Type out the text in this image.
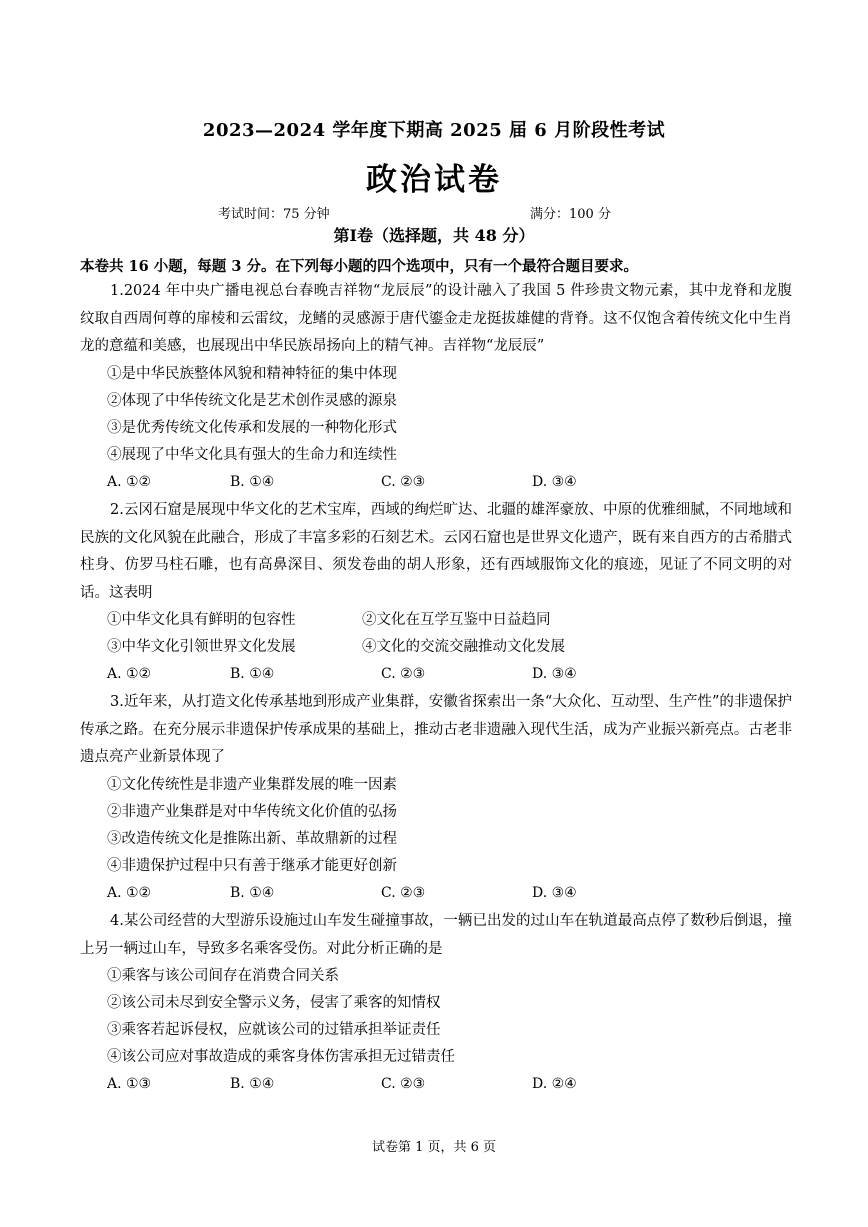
2023—2024 学年度下期高 2025 届 6 月阶段性考试
政治试卷
考试时间：75 分钟	满分：100 分
第Ⅰ卷（选择题，共 48 分）
本卷共 16 小题，每题 3 分。在下列每小题的四个选项中，只有一个最符合题目要求。
1.2024 年中央广播电视总台春晚吉祥物“龙辰辰”的设计融入了我国 5 件珍贵文物元素，其中龙脊和龙腹纹取自西周何尊的扉棱和云雷纹，龙鳍的灵感源于唐代鎏金走龙挺拔雄健的背脊。这不仅饱含着传统文化中生肖龙的意蕴和美感，也展现出中华民族昂扬向上的精气神。吉祥物“龙辰辰”
①是中华民族整体风貌和精神特征的集中体现
②体现了中华传统文化是艺术创作灵感的源泉
③是优秀传统文化传承和发展的一种物化形式
④展现了中华文化具有强大的生命力和连续性
A. ①②	B. ①④	C. ②③	D. ③④
2.云冈石窟是展现中华文化的艺术宝库，西域的绚烂旷达、北疆的雄浑豪放、中原的优雅细腻，不同地域和民族的文化风貌在此融合，形成了丰富多彩的石刻艺术。云冈石窟也是世界文化遗产，既有来自西方的古希腊式柱身、仿罗马柱石雕，也有高鼻深目、须发卷曲的胡人形象，还有西域服饰文化的痕迹，见证了不同文明的对话。这表明
①中华文化具有鲜明的包容性	②文化在互学互鉴中日益趋同
③中华文化引领世界文化发展	④文化的交流交融推动文化发展
A. ①②	B. ①④	C. ②③	D. ③④
3.近年来，从打造文化传承基地到形成产业集群，安徽省探索出一条“大众化、互动型、生产性”的非遗保护传承之路。在充分展示非遗保护传承成果的基础上，推动古老非遗融入现代生活，成为产业振兴新亮点。古老非遗点亮产业新景体现了
①文化传统性是非遗产业集群发展的唯一因素
②非遗产业集群是对中华传统文化价值的弘扬
③改造传统文化是推陈出新、革故鼎新的过程
④非遗保护过程中只有善于继承才能更好创新
A. ①②	B. ①④	C. ②③	D. ③④
4.某公司经营的大型游乐设施过山车发生碰撞事故，一辆已出发的过山车在轨道最高点停了数秒后倒退，撞上另一辆过山车，导致多名乘客受伤。对此分析正确的是
①乘客与该公司间存在消费合同关系
②该公司未尽到安全警示义务，侵害了乘客的知情权
③乘客若起诉侵权，应就该公司的过错承担举证责任
④该公司应对事故造成的乘客身体伤害承担无过错责任
A. ①③	B. ①④	C. ②③	D. ②④
试卷第 1 页，共 6 页
